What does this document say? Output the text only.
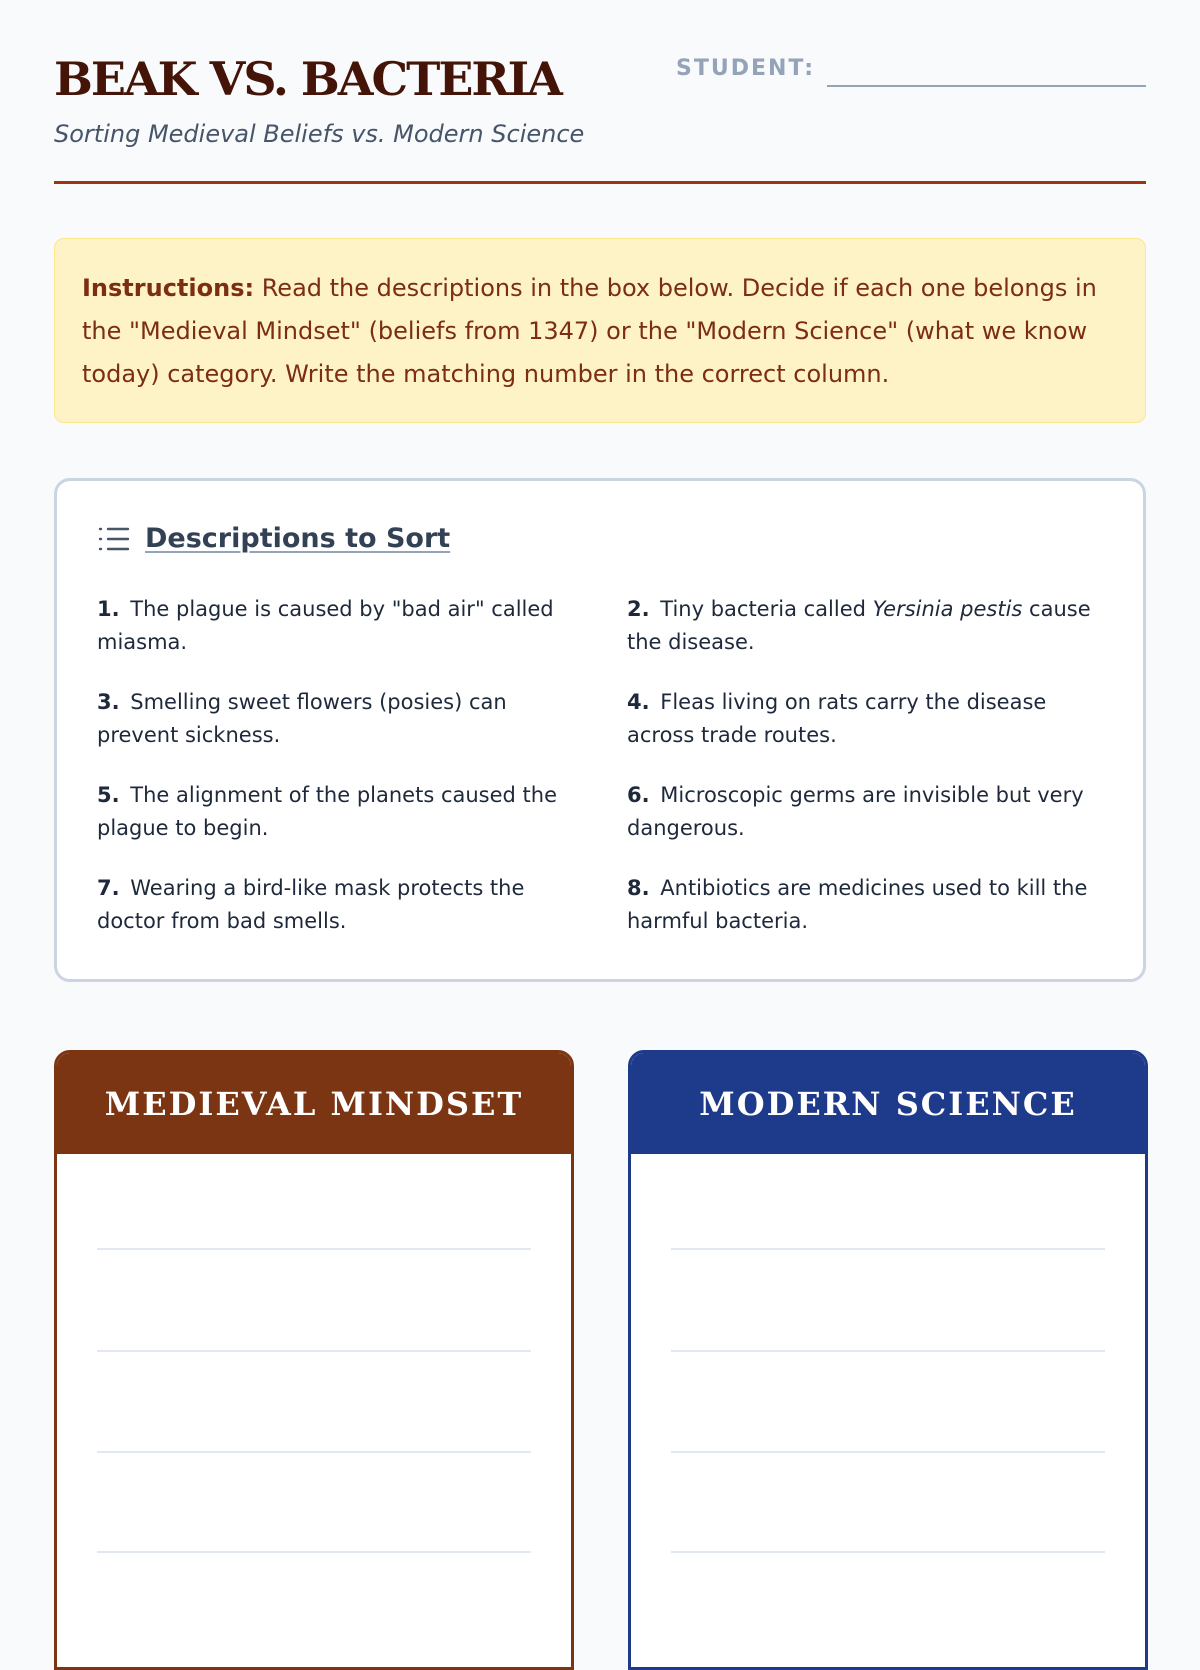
BEAK VS. BACTERIA
Sorting Medieval Beliefs vs. Modern Science
STUDENT:
Instructions: Read the descriptions in the box below. Decide if each one belongs in the "Medieval Mindset" (beliefs from 1347) or the "Modern Science" (what we know today) category. Write the matching number in the correct column.
Descriptions to Sort
1. The plague is caused by "bad air" called miasma.
2. Tiny bacteria called Yersinia pestis cause the disease.
3. Smelling sweet flowers (posies) can prevent sickness.
4. Fleas living on rats carry the disease across trade routes.
5. The alignment of the planets caused the plague to begin.
6. Microscopic germs are invisible but very dangerous.
7. Wearing a bird-like mask protects the doctor from bad smells.
8. Antibiotics are medicines used to kill the harmful bacteria.
MEDIEVAL MINDSET	MODERN SCIENCE
